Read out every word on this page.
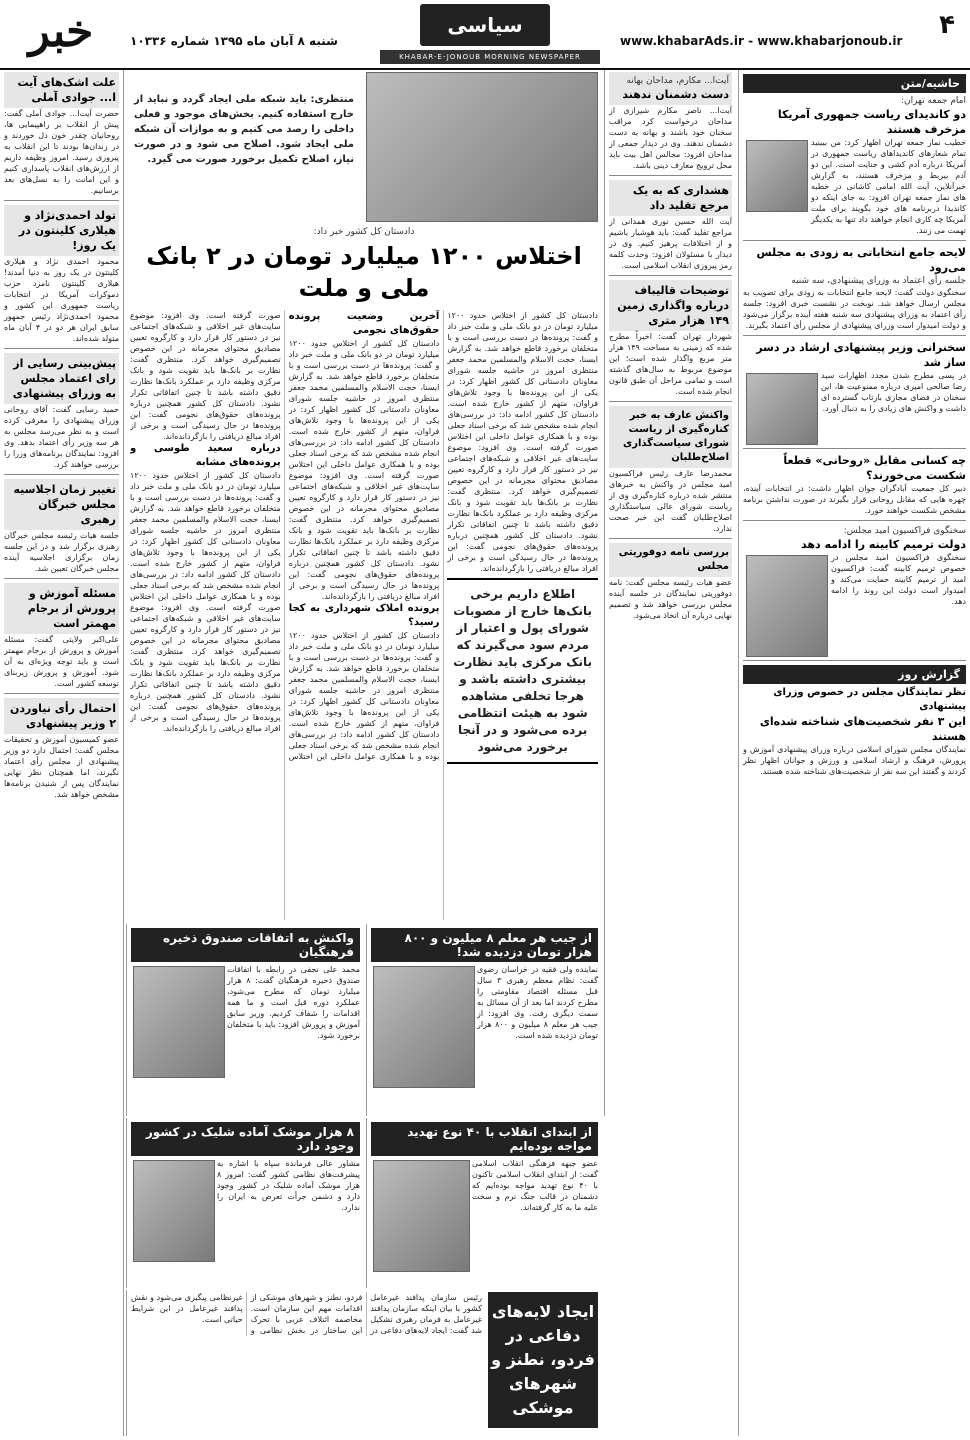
خبر	شنبه ۸ آبان ماه ۱۳۹۵ شماره ۱۰۳۳۶
سیاسی
www.khabarAds.ir - www.khabarjonoub.ir
۴
KHABAR-E-JONOUB MORNING NEWSPAPER
حاشیه/متن
امام جمعه تهران:
دو کاندیدای ریاست جمهوری آمریکا مزخرف هستند
خطیب نماز جمعه تهران اظهار کرد: من ببینید تمام شعارهای کاندیداهای ریاست جمهوری در آمریکا درباره آدم کشی و جنایت است. این دو آدم بیربط و مزخرف هستند، به گزارش خبرآنلاین، آیت الله امامی کاشانی در خطبه های نماز جمعه تهران افزود: به جای اینکه دو کاندیدا دربرنامه های خود بگویند برای ملت آمریکا چه کاری انجام خواهند داد تنها به یکدیگر تهمت می زنند.
لایحه جامع انتخاباتی به زودی به مجلس می‌رود
جلسه رأی اعتماد به وزرای پیشنهادی، سه شنبه
سخنگوی دولت گفت: لایحه جامع انتخابات به زودی برای تصویب به مجلس ارسال خواهد شد. نوبخت در نشست خبری افزود: جلسه رأی اعتماد به وزرای پیشنهادی سه شنبه هفته آینده برگزار می‌شود و دولت امیدوار است وزرای پیشنهادی از مجلس رأی اعتماد بگیرند.
سخنرانی وزیر پیشنهادی ارشاد در دسر ساز شد
در پسی مطرح شدن مجدد اظهارات سید رضا صالحی امیری درباره ممنوعیت ها، این سخنان در فضای مجازی بازتاب گسترده ای داشت و واکنش های زیادی را به دنبال آورد.
چه کسانی مقابل «روحانی» قطعاً شکست می‌خورند؟
دبیر کل جمعیت آبادگران جوان اظهار داشت: در انتخابات آینده، چهره هایی که مقابل روحانی قرار بگیرند در صورت نداشتن برنامه مشخص شکست خواهند خورد.
سخنگوی فراکسیون امید مجلس:
دولت ترمیم کابینه را ادامه دهد
سخنگوی فراکسیون امید مجلس در خصوص ترمیم کابینه گفت: فراکسیون امید از ترمیم کابینه حمایت می‌کند و امیدوار است دولت این روند را ادامه دهد.
گزارش روز
نظر نمایندگان مجلس در خصوص وزرای پیشنهادی
این ۳ نفر شخصیت‌های شناخته شده‌ای هستند
نمایندگان مجلس شورای اسلامی درباره وزرای پیشنهادی آموزش و پرورش، فرهنگ و ارشاد اسلامی و ورزش و جوانان اظهار نظر کردند و گفتند این سه نفر از شخصیت‌های شناخته شده هستند.
آیت‌ا... مکارم، مداحان بهانه
دست دشمنان ندهند
آیت‌ا... ناصر مکارم شیرازی از مداحان درخواست کرد مراقب سخنان خود باشند و بهانه به دست دشمنان ندهند. وی در دیدار جمعی از مداحان افزود: مجالس اهل بیت باید محل ترویج معارف دینی باشد.
هشداری که به یک مرجع تقلید داد
آیت الله حسین نوری همدانی از مراجع تقلید گفت: باید هوشیار باشیم و از اختلافات پرهیز کنیم. وی در دیدار با مسئولان افزود: وحدت کلمه رمز پیروزی انقلاب اسلامی است.
توضیحات قالیباف درباره واگذاری زمین ۱۴۹ هزار متری
شهردار تهران گفت: اخیراً مطرح شده که زمینی به مساحت ۱۴۹ هزار متر مربع واگذار شده است؛ این موضوع مربوط به سال‌های گذشته است و تمامی مراحل آن طبق قانون انجام شده است.
واکنش عارف به خبر کناره‌گیری از ریاست شورای سیاست‌گذاری اصلاح‌طلبان
محمدرضا عارف رئیس فراکسیون امید مجلس در واکنش به خبرهای منتشر شده درباره کناره‌گیری وی از ریاست شورای عالی سیاستگذاری اصلاح‌طلبان گفت این خبر صحت ندارد.
بررسی نامه دوفوریتی مجلس
عضو هیات رئیسه مجلس گفت: نامه دوفوریتی نمایندگان در جلسه آینده مجلس بررسی خواهد شد و تصمیم نهایی درباره آن اتخاذ می‌شود.
منتظری: باید شبکه ملی ایجاد گردد و نباید از خارج استفاده کنیم. بخش‌های موجود و فعلی داخلی را رصد می کنیم و به موازات آن شبکه ملی ایجاد شود. اصلاح می شود و در صورت نیاز، اصلاح تکمیل برخورد صورت می گیرد.
دادستان کل کشور خبر داد:
اختلاس ۱۲۰۰ میلیارد تومان در ۲ بانک ملی و ملت
دادستان کل کشور از اختلاس حدود ۱۲۰۰ میلیارد تومان در دو بانک ملی و ملت خبر داد و گفت: پرونده‌ها در دست بررسی است و با متخلفان برخورد قاطع خواهد شد. به گزارش ایسنا، حجت الاسلام والمسلمین محمد جعفر منتظری امروز در حاشیه جلسه شورای معاونان دادستانی کل کشور اظهار کرد: در یکی از این پرونده‌ها با وجود تلاش‌های فراوان، متهم از کشور خارج شده است. دادستان کل کشور ادامه داد: در بررسی‌های انجام شده مشخص شد که برخی اسناد جعلی بوده و با همکاری عوامل داخلی این اختلاس صورت گرفته است. وی افزود: موضوع سایت‌های غیر اخلاقی و شبکه‌های اجتماعی نیز در دستور کار قرار دارد و کارگروه تعیین مصادیق محتوای مجرمانه در این خصوص تصمیم‌گیری خواهد کرد. منتظری گفت: نظارت بر بانک‌ها باید تقویت شود و بانک مرکزی وظیفه دارد بر عملکرد بانک‌ها نظارت دقیق داشته باشد تا چنین اتفاقاتی تکرار نشود. دادستان کل کشور همچنین درباره پرونده‌های حقوق‌های نجومی گفت: این پرونده‌ها در حال رسیدگی است و برخی از افراد مبالغ دریافتی را بازگردانده‌اند.
اطلاع داریم برخی بانک‌ها خارج از مصوبات شورای پول و اعتبار از مردم سود می‌گیرند که بانک مرکزی باید نظارت بیشتری داشته باشد و هرجا تخلفی مشاهده شود به هیئت انتظامی برده می‌شود و در آنجا برخورد می‌شود
آخرین وضعیت پرونده حقوق‌های نجومی
دادستان کل کشور از اختلاس حدود ۱۲۰۰ میلیارد تومان در دو بانک ملی و ملت خبر داد و گفت: پرونده‌ها در دست بررسی است و با متخلفان برخورد قاطع خواهد شد. به گزارش ایسنا، حجت الاسلام والمسلمین محمد جعفر منتظری امروز در حاشیه جلسه شورای معاونان دادستانی کل کشور اظهار کرد: در یکی از این پرونده‌ها با وجود تلاش‌های فراوان، متهم از کشور خارج شده است. دادستان کل کشور ادامه داد: در بررسی‌های انجام شده مشخص شد که برخی اسناد جعلی بوده و با همکاری عوامل داخلی این اختلاس صورت گرفته است. وی افزود: موضوع سایت‌های غیر اخلاقی و شبکه‌های اجتماعی نیز در دستور کار قرار دارد و کارگروه تعیین مصادیق محتوای مجرمانه در این خصوص تصمیم‌گیری خواهد کرد. منتظری گفت: نظارت بر بانک‌ها باید تقویت شود و بانک مرکزی وظیفه دارد بر عملکرد بانک‌ها نظارت دقیق داشته باشد تا چنین اتفاقاتی تکرار نشود. دادستان کل کشور همچنین درباره پرونده‌های حقوق‌های نجومی گفت: این پرونده‌ها در حال رسیدگی است و برخی از افراد مبالغ دریافتی را بازگردانده‌اند.
پرونده املاک شهرداری به کجا رسید؟
دادستان کل کشور از اختلاس حدود ۱۲۰۰ میلیارد تومان در دو بانک ملی و ملت خبر داد و گفت: پرونده‌ها در دست بررسی است و با متخلفان برخورد قاطع خواهد شد. به گزارش ایسنا، حجت الاسلام والمسلمین محمد جعفر منتظری امروز در حاشیه جلسه شورای معاونان دادستانی کل کشور اظهار کرد: در یکی از این پرونده‌ها با وجود تلاش‌های فراوان، متهم از کشور خارج شده است. دادستان کل کشور ادامه داد: در بررسی‌های انجام شده مشخص شد که برخی اسناد جعلی بوده و با همکاری عوامل داخلی این اختلاس صورت گرفته است. وی افزود: موضوع سایت‌های غیر اخلاقی و شبکه‌های اجتماعی نیز در دستور کار قرار دارد و کارگروه تعیین مصادیق محتوای مجرمانه در این خصوص تصمیم‌گیری خواهد کرد. منتظری گفت: نظارت بر بانک‌ها باید تقویت شود و بانک مرکزی وظیفه دارد بر عملکرد بانک‌ها نظارت دقیق داشته باشد تا چنین اتفاقاتی تکرار نشود. دادستان کل کشور همچنین درباره پرونده‌های حقوق‌های نجومی گفت: این پرونده‌ها در حال رسیدگی است و برخی از افراد مبالغ دریافتی را بازگردانده‌اند.
درباره سعید طوسی و پرونده‌های مشابه
دادستان کل کشور از اختلاس حدود ۱۲۰۰ میلیارد تومان در دو بانک ملی و ملت خبر داد و گفت: پرونده‌ها در دست بررسی است و با متخلفان برخورد قاطع خواهد شد. به گزارش ایسنا، حجت الاسلام والمسلمین محمد جعفر منتظری امروز در حاشیه جلسه شورای معاونان دادستانی کل کشور اظهار کرد: در یکی از این پرونده‌ها با وجود تلاش‌های فراوان، متهم از کشور خارج شده است. دادستان کل کشور ادامه داد: در بررسی‌های انجام شده مشخص شد که برخی اسناد جعلی بوده و با همکاری عوامل داخلی این اختلاس صورت گرفته است. وی افزود: موضوع سایت‌های غیر اخلاقی و شبکه‌های اجتماعی نیز در دستور کار قرار دارد و کارگروه تعیین مصادیق محتوای مجرمانه در این خصوص تصمیم‌گیری خواهد کرد. منتظری گفت: نظارت بر بانک‌ها باید تقویت شود و بانک مرکزی وظیفه دارد بر عملکرد بانک‌ها نظارت دقیق داشته باشد تا چنین اتفاقاتی تکرار نشود. دادستان کل کشور همچنین درباره پرونده‌های حقوق‌های نجومی گفت: این پرونده‌ها در حال رسیدگی است و برخی از افراد مبالغ دریافتی را بازگردانده‌اند.
از جیب هر معلم ۸ میلیون و ۸۰۰ هزار تومان دزدیده شد!
نماینده ولی فقیه در خراسان رضوی گفت: نظام معظم رهبری ۳ سال قبل مسئله اقتصاد مقاومتی را مطرح کردند اما بعد از آن مسائل به سمت دیگری رفت. وی افزود: از جیب هر معلم ۸ میلیون و ۸۰۰ هزار تومان دزدیده شده است.
واکنش به اتفاقات صندوق ذخیره فرهنگیان
محمد علی نجفی در رابطه با اتفاقات صندوق ذخیره فرهنگیان گفت: ۸ هزار میلیارد تومان که مطرح می‌شود، عملکرد دوره قبل است و ما همه اقدامات را شفاف کردیم. وزیر سابق آموزش و پرورش افزود: باید با متخلفان برخورد شود.
از ابتدای انقلاب با ۴۰ نوع تهدید مواجه بوده‌ایم
عضو جبهه فرهنگی انقلاب اسلامی گفت: از ابتدای انقلاب اسلامی تاکنون با ۴۰ نوع تهدید مواجه بوده‌ایم که دشمنان در قالب جنگ نرم و سخت علیه ما به کار گرفته‌اند.
۸ هزار موشک آماده شلیک در کشور وجود دارد
مشاور عالی فرمانده سپاه با اشاره به پیشرفت‌های نظامی کشور گفت: امروز ۸ هزار موشک آماده شلیک در کشور وجود دارد و دشمن جرأت تعرض به ایران را ندارد.
ایجاد لایه‌های دفاعی در فردو، نطنز و شهرهای موشکی
رئیس سازمان پدافند غیرعامل کشور با بیان اینکه سازمان پدافند غیرعامل به فرمان رهبری تشکیل شد گفت: ایجاد لایه‌های دفاعی در فردو، نطنز و شهرهای موشکی از اقدامات مهم این سازمان است. مخاصمه ائتلاف عربی با تحرک این ساختار در بخش نظامی و غیرنظامی پیگیری می‌شود و نقش پدافند غیرعامل در این شرایط حیاتی است.
علت اشک‌های آیت ا... جوادی آملی
حضرت آیت‌ا... جوادی آملی گفت: پیش از انقلاب بر راهپیمایی ها، روحانیان چقدر خون دل خوردند و در زندان‌ها بودند تا این انقلاب به پیروزی رسید. امروز وظیفه داریم از ارزش‌های انقلاب پاسداری کنیم و این امانت را به نسل‌های بعد برسانیم.
تولد احمدی‌نژاد و هیلاری کلینتون در یک روز!
محمود احمدی نژاد و هیلاری کلینتون در یک روز به دنیا آمدند! هیلاری کلینتون نامزد حزب دموکرات آمریکا در انتخابات ریاست جمهوری این کشور و محمود احمدی‌نژاد رئیس جمهور سابق ایران هر دو در ۴ آبان ماه متولد شده‌اند.
پیش‌بینی رسایی از رای اعتماد مجلس به وزرای پیشنهادی
حمید رسایی گفت: آقای روحانی وزرای پیشنهادی را معرفی کرده است و به نظر می‌رسد مجلس به هر سه وزیر رأی اعتماد بدهد. وی افزود: نمایندگان برنامه‌های وزرا را بررسی خواهند کرد.
تغییر زمان اجلاسیه مجلس خبرگان رهبری
جلسه هیات رئیسه مجلس خبرگان رهبری برگزار شد و در این جلسه زمان برگزاری اجلاسیه آینده مجلس خبرگان تعیین شد.
مسئله آموزش و پرورش از برجام مهمتر است
علی‌اکبر ولایتی گفت: مسئله آموزش و پرورش از برجام مهمتر است و باید توجه ویژه‌ای به آن شود. آموزش و پرورش زیربنای توسعه کشور است.
احتمال رأی نیاوردن ۲ وزیر پیشنهادی
عضو کمیسیون آموزش و تحقیقات مجلس گفت: احتمال دارد دو وزیر پیشنهادی از مجلس رأی اعتماد نگیرند، اما همچنان نظر نهایی نمایندگان پس از شنیدن برنامه‌ها مشخص خواهد شد.
